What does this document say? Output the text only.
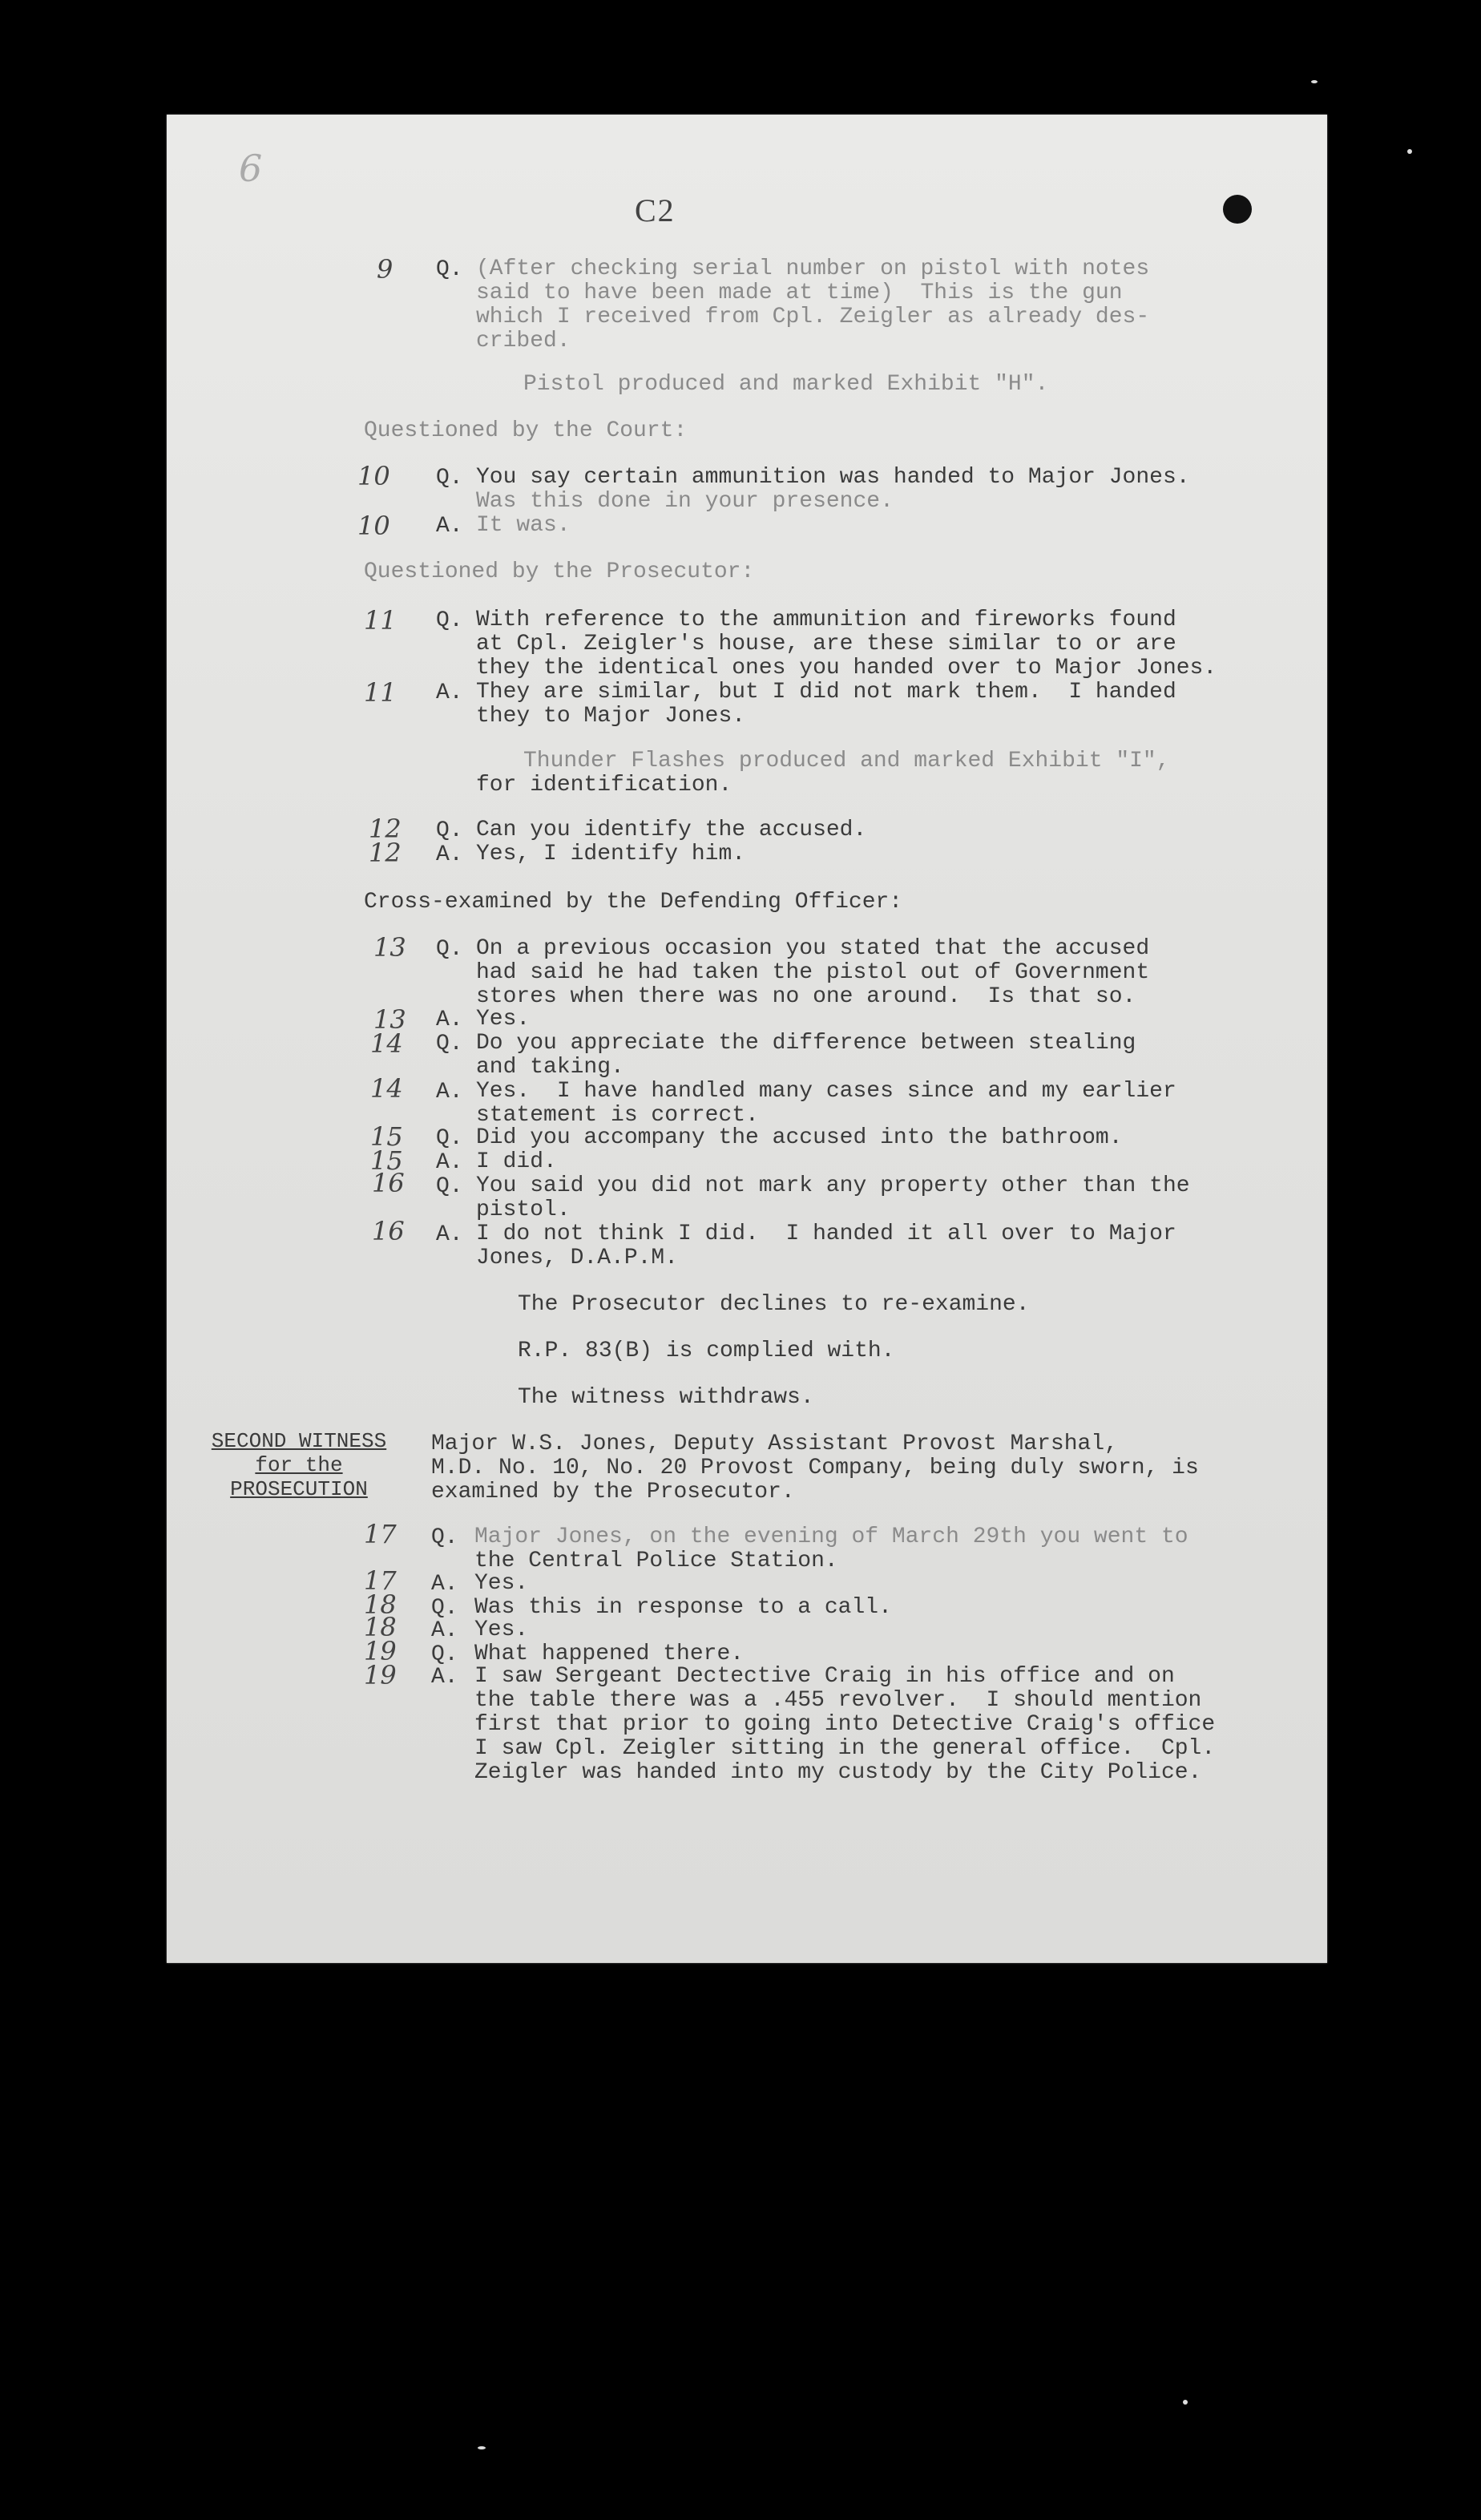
6
C2
9 Q. (After checking serial number on pistol with notes
said to have been made at time)  This is the gun
which I received from Cpl. Zeigler as already des-
cribed.
Pistol produced and marked Exhibit "H".
Questioned by the Court:
10 Q. You say certain ammunition was handed to Major Jones.
Was this done in your presence.
10 A. It was.
Questioned by the Prosecutor:
11 Q. With reference to the ammunition and fireworks found
at Cpl. Zeigler's house, are these similar to or are
they the identical ones you handed over to Major Jones.
11 A. They are similar, but I did not mark them.  I handed
they to Major Jones.
Thunder Flashes produced and marked Exhibit "I",
for identification.
12 Q. Can you identify the accused.
12 A. Yes, I identify him.
Cross-examined by the Defending Officer:
13 Q. On a previous occasion you stated that the accused
had said he had taken the pistol out of Government
stores when there was no one around.  Is that so.
13 A. Yes.
14 Q. Do you appreciate the difference between stealing
and taking.
14 A. Yes.  I have handled many cases since and my earlier
statement is correct.
15 Q. Did you accompany the accused into the bathroom.
15 A. I did.
16 Q. You said you did not mark any property other than the
pistol.
16 A. I do not think I did.  I handed it all over to Major
Jones, D.A.P.M.
The Prosecutor declines to re-examine.
R.P. 83(B) is complied with.
The witness withdraws.
SECOND WITNESS
for the
PROSECUTION
Major W.S. Jones, Deputy Assistant Provost Marshal,
M.D. No. 10, No. 20 Provost Company, being duly sworn, is
examined by the Prosecutor.
17 Q. Major Jones, on the evening of March 29th you went to
the Central Police Station.
17 A. Yes.
18 Q. Was this in response to a call.
18 A. Yes.
19 Q. What happened there.
19 A. I saw Sergeant Dectective Craig in his office and on
the table there was a .455 revolver.  I should mention
first that prior to going into Detective Craig's office
I saw Cpl. Zeigler sitting in the general office.  Cpl.
Zeigler was handed into my custody by the City Police.
